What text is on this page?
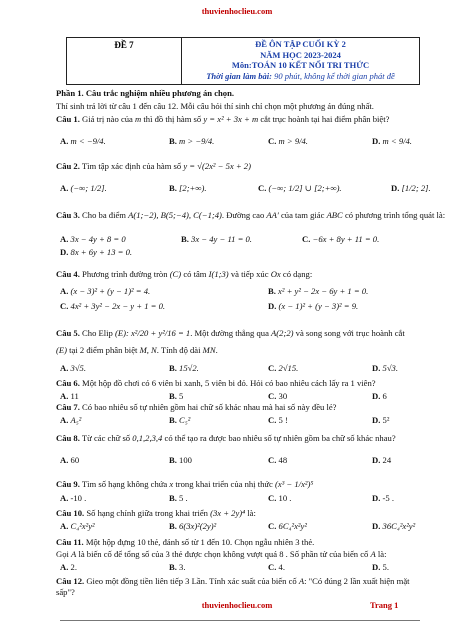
thuvienhoclieu.com
ĐỀ 7	ĐỀ ÔN TẬP CUỐI KỲ 2
NĂM HỌC 2023-2024
Môn:TOÁN 10 KẾT NỐI TRI THỨC
Thời gian làm bài: 90 phút, không kể thời gian phát đề
Phần 1. Câu trắc nghiệm nhiều phương án chọn.
Thí sinh trả lời từ câu 1 đến câu 12. Mỗi câu hỏi thí sinh chỉ chọn một phương án đúng nhất.
Câu 1. Giá trị nào của m thì đồ thị hàm số y = x² + 3x + m cắt trục hoành tại hai điểm phân biệt?
A. m < −9/4.	B. m > −9/4.	C. m > 9/4.	D. m < 9/4.
Câu 2. Tìm tập xác định của hàm số y = √(2x² − 5x + 2)
A. (−∞; 1/2].	B. [2;+∞).	C. (−∞; 1/2] ∪ [2;+∞).	D. [1/2; 2].
Câu 3. Cho ba điểm A(1;−2), B(5;−4), C(−1;4). Đường cao AA′ của tam giác ABC có phương trình tổng quát là:
A. 3x − 4y + 8 = 0	B. 3x − 4y − 11 = 0.	C. −6x + 8y + 11 = 0.
D. 8x + 6y + 13 = 0.
Câu 4. Phương trình đường tròn (C) có tâm I(1;3) và tiếp xúc Ox có dạng:
A. (x − 3)² + (y − 1)² = 4.	B. x² + y² − 2x − 6y + 1 = 0.
C. 4x² + 3y² − 2x − y + 1 = 0.	D. (x − 1)² + (y − 3)² = 9.
Câu 5. Cho Elip (E): x²/20 + y²/16 = 1. Một đường thẳng qua A(2;2) và song song với trục hoành cắt
(E) tại 2 điểm phân biệt M, N. Tính độ dài MN.
A. 3√5.	B. 15√2.	C. 2√15.	D. 5√3.
Câu 6. Một hộp đồ chơi có 6 viên bi xanh, 5 viên bi đỏ. Hỏi có bao nhiêu cách lấy ra 1 viên?
A. 11	B. 5	C. 30	D. 6
Câu 7. Có bao nhiêu số tự nhiên gồm hai chữ số khác nhau mà hai số này đều lẻ?
A. A₅²	B. C₅²	C. 5 !	D. 5²
Câu 8. Từ các chữ số 0,1,2,3,4 có thể tạo ra được bao nhiêu số tự nhiên gồm ba chữ số khác nhau?
A. 60	B. 100	C. 48	D. 24
Câu 9. Tìm số hạng không chứa x trong khai triển của nhị thức (x³ − 1/x²)⁵
A. -10 .	B. 5 .	C. 10 .	D. -5 .
Câu 10. Số hạng chính giữa trong khai triển (3x + 2y)⁴ là:
A. C₄²x²y²	B. 6(3x)²(2y)²	C. 6C₄²x²y²	D. 36C₄²x²y²
Câu 11. Một hộp đựng 10 thẻ, đánh số từ 1 đến 10. Chọn ngẫu nhiên 3 thẻ.
Gọi A là biến cố để tổng số của 3 thẻ được chọn không vượt quá 8 . Số phần tử của biến cố A là:
A. 2.	B. 3.	C. 4.	D. 5.
Câu 12. Gieo một đồng tiền liên tiếp 3 Lần. Tính xác suất của biến cố A: "Có đúng 2 lần xuất hiện mặt sấp"?
thuvienhoclieu.com	Trang 1
